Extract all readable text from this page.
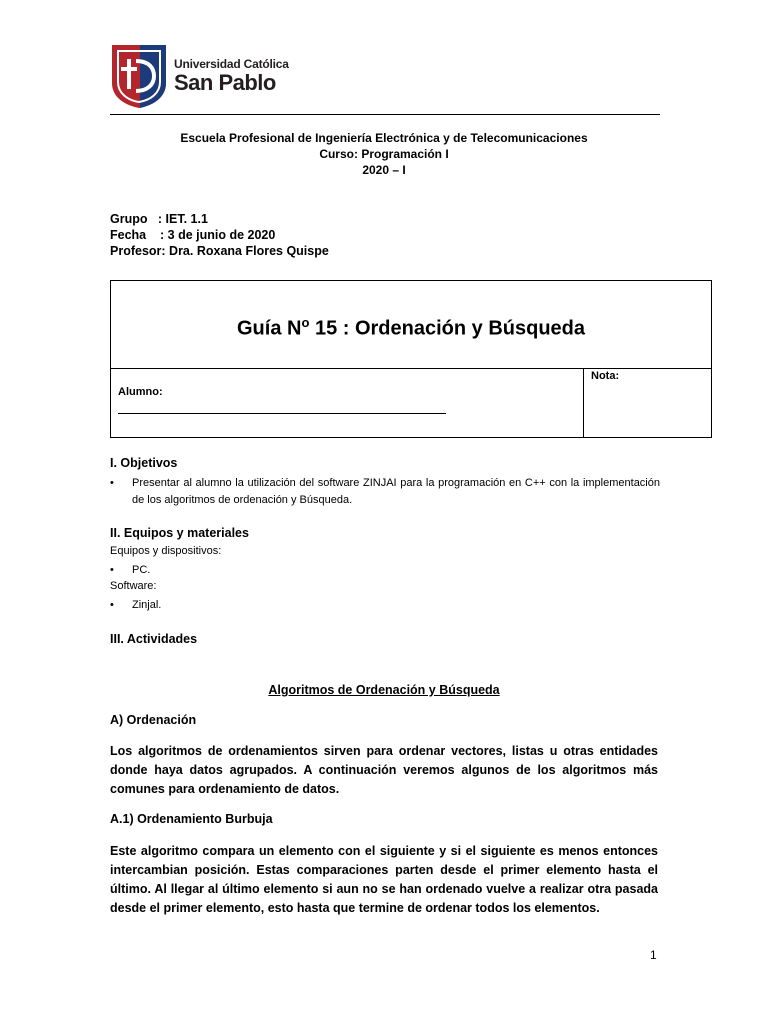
Universidad Católica
San Pablo
Escuela Profesional de Ingeniería Electrónica y de Telecomunicaciones
Curso: Programación I
2020 – I
Grupo   : IET. 1.1
Fecha    : 3 de junio de 2020
Profesor: Dra. Roxana Flores Quispe
Guía $N^o$ 15 : Ordenación y Búsqueda
Alumno:
Nota:
I. Objetivos
•	Presentar al alumno la utilización del software ZINJAI para la programación en C++ con la implementación de los algoritmos de ordenación y Búsqueda.
II. Equipos y materiales
Equipos y dispositivos:
•	PC.
Software:
•	Zinjal.
III. Actividades
Algoritmos de Ordenación y Búsqueda
A) Ordenación
Los algoritmos de ordenamientos sirven para ordenar vectores, listas u otras entidades donde haya datos agrupados. A continuación veremos algunos de los algoritmos más comunes para ordenamiento de datos.
A.1) Ordenamiento Burbuja
Este algoritmo compara un elemento con el siguiente y si el siguiente es menos entonces intercambian posición. Estas comparaciones parten desde el primer elemento hasta el último. Al llegar al último elemento si aun no se han ordenado vuelve a realizar otra pasada desde el primer elemento, esto hasta que termine de ordenar todos los elementos.
1
